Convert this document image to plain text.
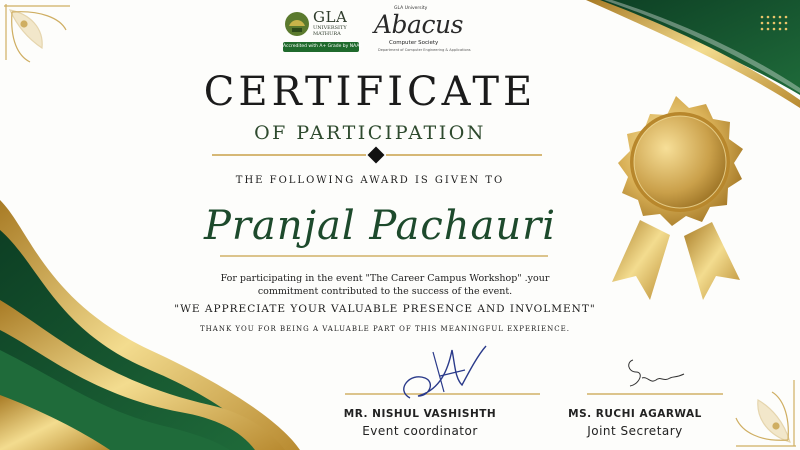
GLA
UNIVERSITY
MATHURA
Accredited with A+ Grade by NAAC
GLA University
Abacus
Computer Society
Department of Computer Engineering & Applications
CERTIFICATE
OF PARTICIPATION
THE FOLLOWING AWARD IS GIVEN TO
Pranjal Pachauri
For participating in the event "The Career Campus Workshop" .your
commitment contributed to the success of the event.
"WE APPRECIATE YOUR VALUABLE PRESENCE AND INVOLMENT"
THANK YOU FOR BEING A VALUABLE PART OF THIS MEANINGFUL EXPERIENCE.
MR. NISHUL VASHISHTH
Event coordinator
MS. RUCHI AGARWAL
Joint Secretary
